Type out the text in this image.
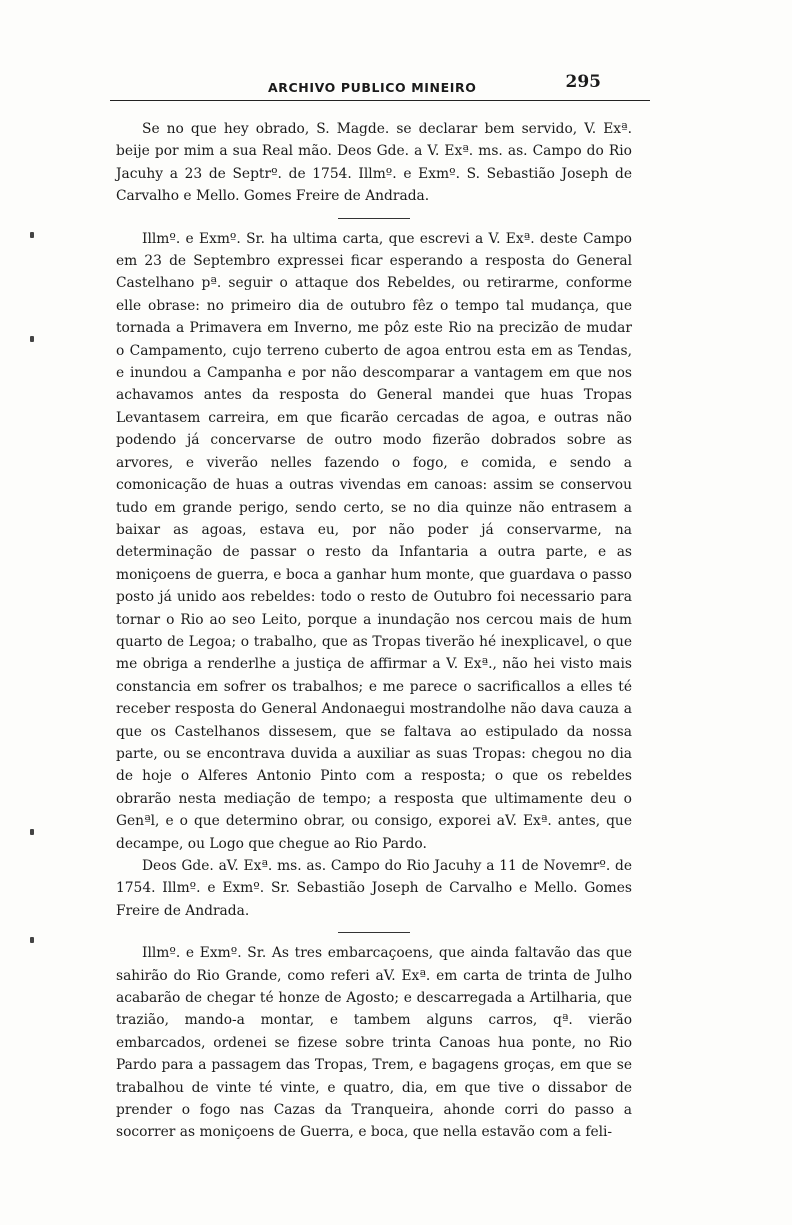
ARCHIVO PUBLICO MINEIRO	295

Se no que hey obrado, S. Magde. se declarar bem servido, V. Exª. beije por mim a sua Real mão. Deos Gde. a V. Exª. ms. as. Campo do Rio Jacuhy a 23 de Septrº. de 1754. Illmº. e Exmº. S. Sebastião Joseph de Carvalho e Mello. Gomes Freire de Andrada.

Illmº. e Exmº. Sr. ha ultima carta, que escrevi a V. Exª. deste Campo em 23 de Septembro expressei ficar esperando a resposta do General Castelhano pª. seguir o attaque dos Rebeldes, ou retirarme, conforme elle obrase: no primeiro dia de outubro fêz o tempo tal mudança, que tornada a Primavera em Inverno, me pôz este Rio na precizão de mudar o Campamento, cujo terreno cuberto de agoa entrou esta em as Tendas, e inundou a Campanha e por não descomparar a vantagem em que nos achavamos antes da resposta do General mandei que huas Tropas Levantasem carreira, em que ficarão cercadas de agoa, e outras não podendo já concervarse de outro modo fizerão dobrados sobre as arvores, e viverão nelles fazendo o fogo, e comida, e sendo a comonicação de huas a outras vivendas em canoas: assim se conservou tudo em grande perigo, sendo certo, se no dia quinze não entrasem a baixar as agoas, estava eu, por não poder já conservarme, na determinação de passar o resto da Infantaria a outra parte, e as moniçoens de guerra, e boca a ganhar hum monte, que guardava o passo posto já unido aos rebeldes: todo o resto de Outubro foi necessario para tornar o Rio ao seo Leito, porque a inundação nos cercou mais de hum quarto de Legoa; o trabalho, que as Tropas tiverão hé inexplicavel, o que me obriga a renderlhe a justiça de affirmar a V. Exª., não hei visto mais constancia em sofrer os trabalhos; e me parece o sacrificallos a elles té receber resposta do General Andonaegui mostrandolhe não dava cauza a que os Castelhanos dissesem, que se faltava ao estipulado da nossa parte, ou se encontrava duvida a auxiliar as suas Tropas: chegou no dia de hoje o Alferes Antonio Pinto com a resposta; o que os rebeldes obrarão nesta mediação de tempo; a resposta que ultimamente deu o Genªl, e o que determino obrar, ou consigo, exporei aV. Exª. antes, que decampe, ou Logo que chegue ao Rio Pardo.

Deos Gde. aV. Exª. ms. as. Campo do Rio Jacuhy a 11 de Novemrº. de 1754. Illmº. e Exmº. Sr. Sebastião Joseph de Carvalho e Mello. Gomes Freire de Andrada.

Illmº. e Exmº. Sr. As tres embarcaçoens, que ainda faltavão das que sahirão do Rio Grande, como referi aV. Exª. em carta de trinta de Julho acabarão de chegar té honze de Agosto; e descarregada a Artilharia, que trazião, mando-a montar, e tambem alguns carros, qª. vierão embarcados, ordenei se fizese sobre trinta Canoas hua ponte, no Rio Pardo para a passagem das Tropas, Trem, e bagagens groças, em que se trabalhou de vinte té vinte, e quatro, dia, em que tive o dissabor de prender o fogo nas Cazas da Tranqueira, ahonde corri do passo a socorrer as moniçoens de Guerra, e boca, que nella estavão com a feli-
